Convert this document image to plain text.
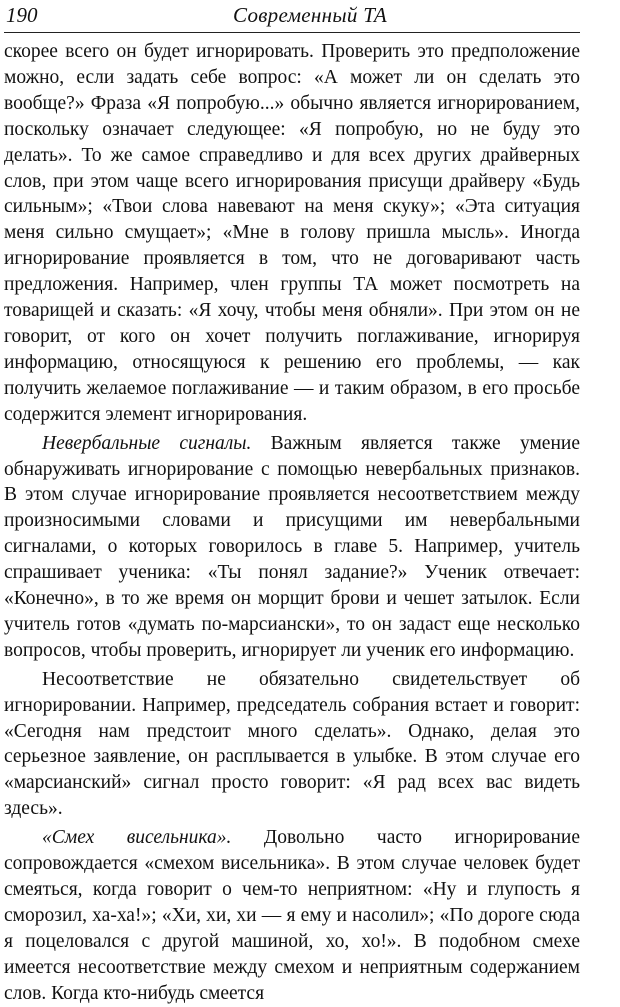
190	Современный ТА

скорее всего он будет игнорировать. Проверить это предположение можно, если задать себе вопрос: «А может ли он сделать это вообще?» Фраза «Я попробую...» обычно является игнорированием, поскольку означает следующее: «Я попробую, но не буду это делать». То же самое справедливо и для всех других драйверных слов, при этом чаще всего игнорирования присущи драйверу «Будь сильным»; «Твои слова навевают на меня скуку»; «Эта ситуация меня сильно смущает»; «Мне в голову пришла мысль». Иногда игнорирование проявляется в том, что не договаривают часть предложения. Например, член группы ТА может посмотреть на товарищей и сказать: «Я хочу, чтобы меня обняли». При этом он не говорит, от кого он хочет получить поглаживание, игнорируя информацию, относящуюся к решению его проблемы, — как получить желаемое поглаживание — и таким образом, в его просьбе содержится элемент игнорирования.

Невербальные сигналы. Важным является также умение обнаруживать игнорирование с помощью невербальных признаков. В этом случае игнорирование проявляется несоответствием между произносимыми словами и присущими им невербальными сигналами, о которых говорилось в главе 5. Например, учитель спрашивает ученика: «Ты понял задание?» Ученик отвечает: «Конечно», в то же время он морщит брови и чешет затылок. Если учитель готов «думать по-марсиански», то он задаст еще несколько вопросов, чтобы проверить, игнорирует ли ученик его информацию.

Несоответствие не обязательно свидетельствует об игнорировании. Например, председатель собрания встает и говорит: «Сегодня нам предстоит много сделать». Однако, делая это серьезное заявление, он расплывается в улыбке. В этом случае его «марсианский» сигнал просто говорит: «Я рад всех вас видеть здесь».

«Смех висельника». Довольно часто игнорирование сопровождается «смехом висельника». В этом случае человек будет смеяться, когда говорит о чем-то неприятном: «Ну и глупость я сморозил, ха-ха!»; «Хи, хи, хи — я ему и насолил»; «По дороге сюда я поцеловался с другой машиной, хо, хо!». В подобном смехе имеется несоответствие между смехом и неприятным содержанием слов. Когда кто-нибудь смеется
